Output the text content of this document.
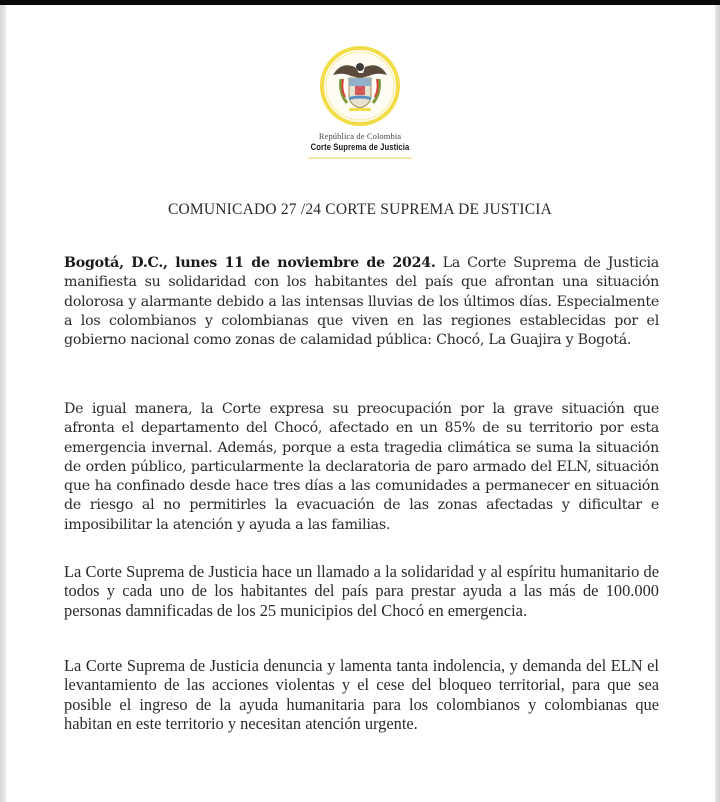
República de Colombia
Corte Suprema de Justicia
COMUNICADO 27 /24 CORTE SUPREMA DE JUSTICIA

Bogotá, D.C., lunes 11 de noviembre de 2024. La Corte Suprema de Justicia manifiesta su solidaridad con los habitantes del país que afrontan una situación dolorosa y alarmante debido a las intensas lluvias de los últimos días. Especialmente a los colombianos y colombianas que viven en las regiones establecidas por el gobierno nacional como zonas de calamidad pública: Chocó, La Guajira y Bogotá.

De igual manera, la Corte expresa su preocupación por la grave situación que afronta el departamento del Chocó, afectado en un 85% de su territorio por esta emergencia invernal. Además, porque a esta tragedia climática se suma la situación de orden público, particularmente la declaratoria de paro armado del ELN, situación que ha confinado desde hace tres días a las comunidades a permanecer en situación de riesgo al no permitirles la evacuación de las zonas afectadas y dificultar e imposibilitar la atención y ayuda a las familias.

La Corte Suprema de Justicia hace un llamado a la solidaridad y al espíritu humanitario de todos y cada uno de los habitantes del país para prestar ayuda a las más de 100.000 personas damnificadas de los 25 municipios del Chocó en emergencia.

La Corte Suprema de Justicia denuncia y lamenta tanta indolencia, y demanda del ELN el levantamiento de las acciones violentas y el cese del bloqueo territorial, para que sea posible el ingreso de la ayuda humanitaria para los colombianos y colombianas que habitan en este territorio y necesitan atención urgente.
